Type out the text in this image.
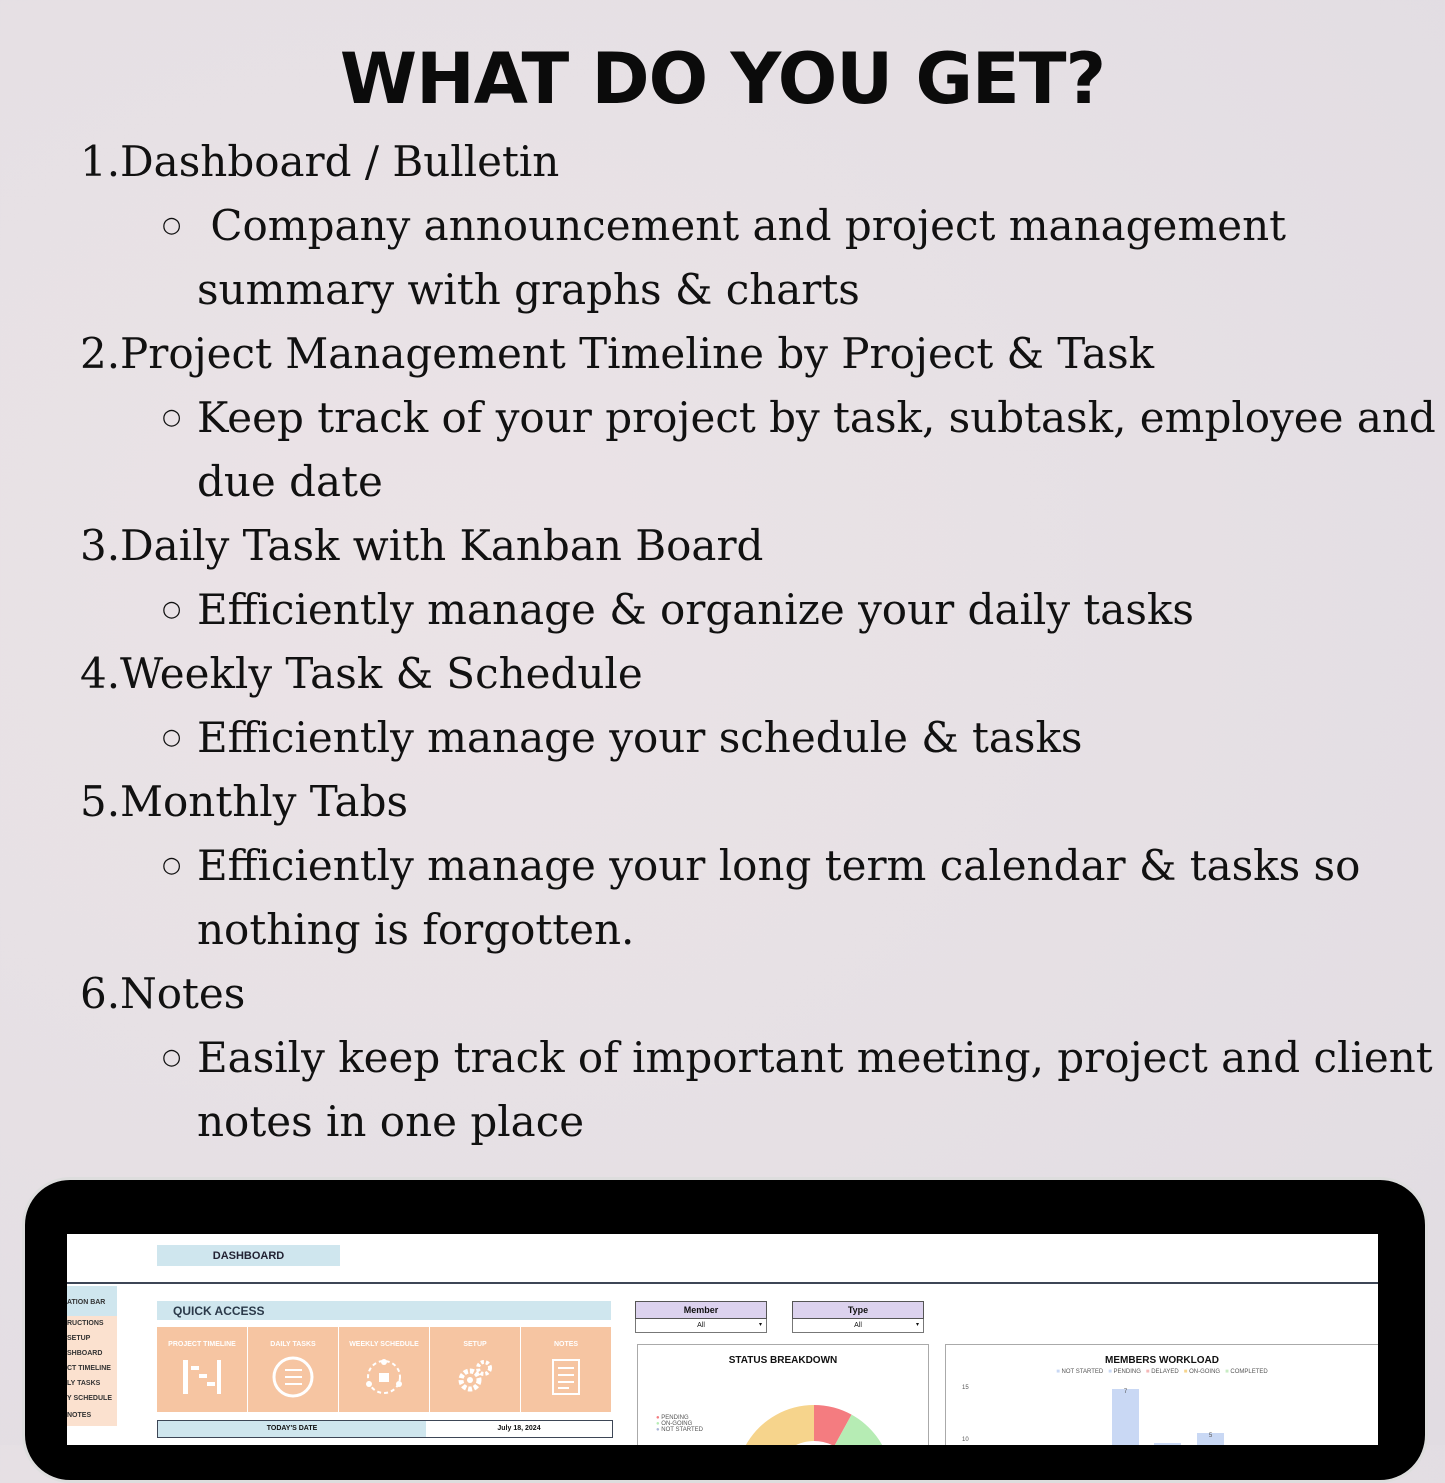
WHAT DO YOU GET?
1. Dashboard / Bulletin
○ Company announcement and project management
summary with graphs & charts
2. Project Management Timeline by Project & Task
○ Keep track of your project by task, subtask, employee and
due date
3. Daily Task with Kanban Board
○ Efficiently manage & organize your daily tasks
4. Weekly Task & Schedule
○ Efficiently manage your schedule & tasks
5. Monthly Tabs
○ Efficiently manage your long term calendar & tasks so
nothing is forgotten.
6. Notes
○ Easily keep track of important meeting, project and client
notes in one place
DASHBOARD
ATION BAR
RUCTIONS
SETUP
SHBOARD
CT TIMELINE
LY TASKS
Y SCHEDULE
NOTES
QUICK ACCESS
PROJECT TIMELINE	DAILY TASKS	WEEKLY SCHEDULE	SETUP	NOTES
TODAY'S DATE	July 18, 2024
Member
All	▾
Type
All	▾
STATUS BREAKDOWN
● PENDING
● ON-GOING
● NOT STARTED
MEMBERS WORKLOAD
■ NOT STARTED ■ PENDING ■ DELAYED ■ ON-GOING ■ COMPLETED
15
10
7
5
